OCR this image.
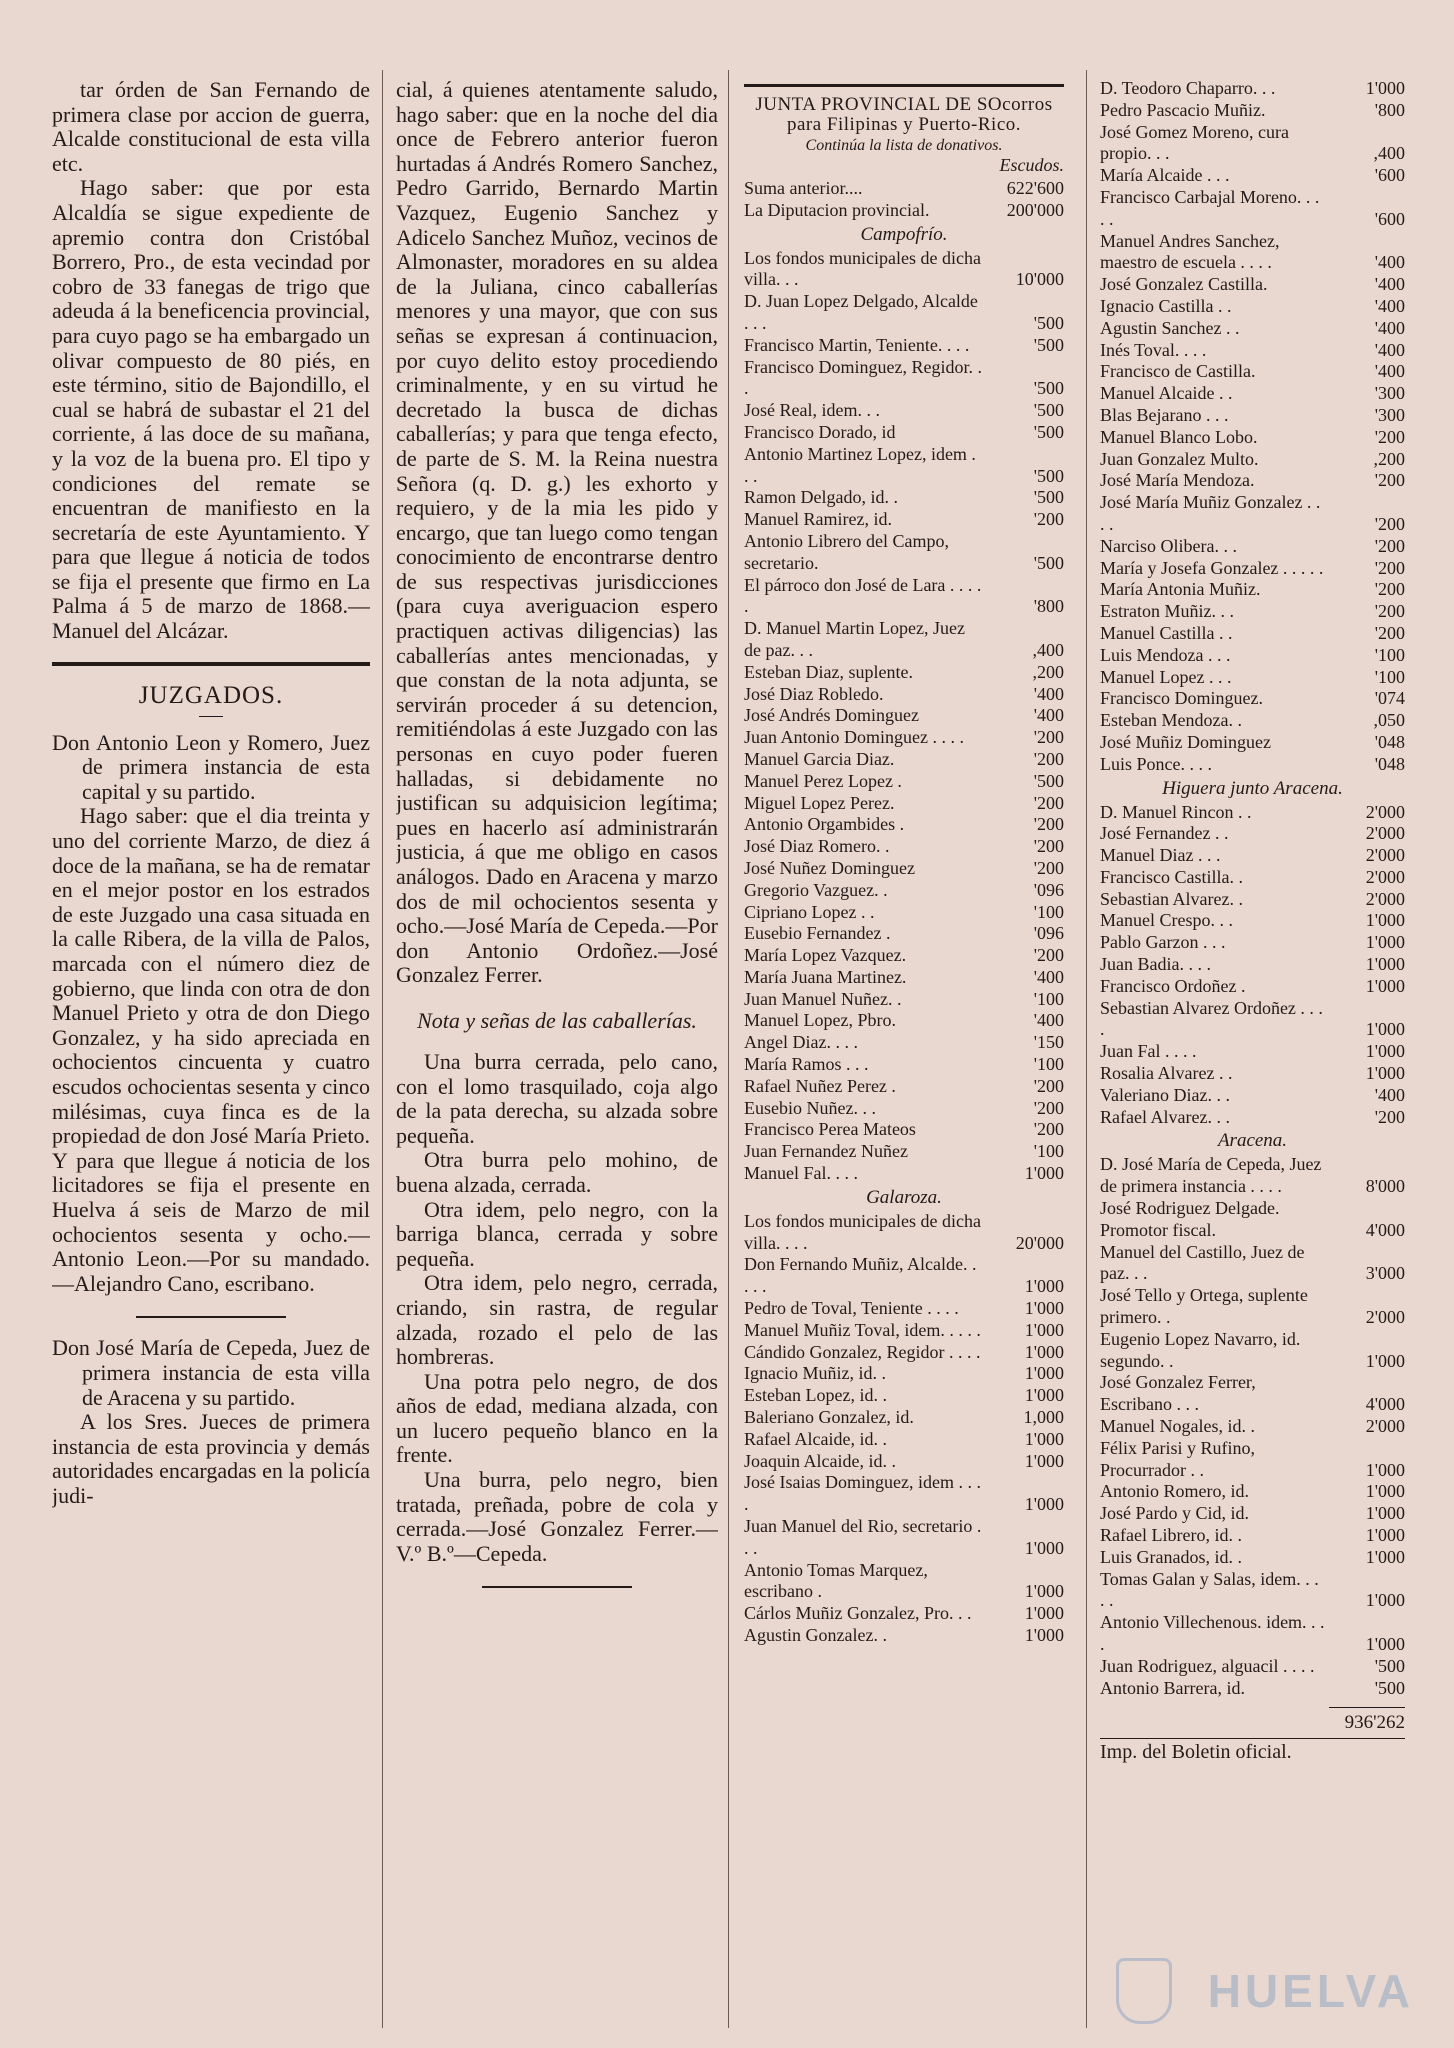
tar órden de San Fernando de primera clase por accion de guerra, Alcalde constitucional de esta villa etc.

Hago saber: que por esta Alcaldía se sigue expediente de apremio contra don Cristóbal Borrero, Pro., de esta vecindad por cobro de 33 fanegas de trigo que adeuda á la beneficencia provincial, para cuyo pago se ha embargado un olivar compuesto de 80 piés, en este término, sitio de Bajondillo, el cual se habrá de subastar el 21 del corriente, á las doce de su mañana, y la voz de la buena pro. El tipo y condiciones del remate se encuentran de manifiesto en la secretaría de este Ayuntamiento. Y para que llegue á noticia de todos se fija el presente que firmo en La Palma á 5 de marzo de 1868.—Manuel del Alcázar.

JUZGADOS.

Don Antonio Leon y Romero, Juez de primera instancia de esta capital y su partido.

Hago saber: que el dia treinta y uno del corriente Marzo, de diez á doce de la mañana, se ha de rematar en el mejor postor en los estrados de este Juzgado una casa situada en la calle Ribera, de la villa de Palos, marcada con el número diez de gobierno, que linda con otra de don Manuel Prieto y otra de don Diego Gonzalez, y ha sido apreciada en ochocientos cincuenta y cuatro escudos ochocientas sesenta y cinco milésimas, cuya finca es de la propiedad de don José María Prieto. Y para que llegue á noticia de los licitadores se fija el presente en Huelva á seis de Marzo de mil ochocientos sesenta y ocho.—Antonio Leon.—Por su mandado.—Alejandro Cano, escribano.

Don José María de Cepeda, Juez de primera instancia de esta villa de Aracena y su partido.

A los Sres. Jueces de primera instancia de esta provincia y demás autoridades encargadas en la policía judi-

cial, á quienes atentamente saludo, hago saber: que en la noche del dia once de Febrero anterior fueron hurtadas á Andrés Romero Sanchez, Pedro Garrido, Bernardo Martin Vazquez, Eugenio Sanchez y Adicelo Sanchez Muñoz, vecinos de Almonaster, moradores en su aldea de la Juliana, cinco caballerías menores y una mayor, que con sus señas se expresan á continuacion, por cuyo delito estoy procediendo criminalmente, y en su virtud he decretado la busca de dichas caballerías; y para que tenga efecto, de parte de S. M. la Reina nuestra Señora (q. D. g.) les exhorto y requiero, y de la mia les pido y encargo, que tan luego como tengan conocimiento de encontrarse dentro de sus respectivas jurisdicciones (para cuya averiguacion espero practiquen activas diligencias) las caballerías antes mencionadas, y que constan de la nota adjunta, se servirán proceder á su detencion, remitiéndolas á este Juzgado con las personas en cuyo poder fueren halladas, si debidamente no justifican su adquisicion legítima; pues en hacerlo así administrarán justicia, á que me obligo en casos análogos. Dado en Aracena y marzo dos de mil ochocientos sesenta y ocho.—José María de Cepeda.—Por don Antonio Ordoñez.—José Gonzalez Ferrer.

Nota y señas de las caballerías.

Una burra cerrada, pelo cano, con el lomo trasquilado, coja algo de la pata derecha, su alzada sobre pequeña.

Otra burra pelo mohino, de buena alzada, cerrada.

Otra idem, pelo negro, con la barriga blanca, cerrada y sobre pequeña.

Otra idem, pelo negro, cerrada, criando, sin rastra, de regular alzada, rozado el pelo de las hombreras.

Una potra pelo negro, de dos años de edad, mediana alzada, con un lucero pequeño blanco en la frente.

Una burra, pelo negro, bien tratada, preñada, pobre de cola y cerrada.—José Gonzalez Ferrer.—V.º B.º—Cepeda.

JUNTA PROVINCIAL DE SOcorros para Filipinas y Puerto-Rico.
Continúa la lista de donativos.
Escudos.
Suma anterior....	622'600
La Diputacion provincial.	200'000
Campofrío.
Los fondos municipales de dicha villa. . .	10'000
D. Juan Lopez Delgado, Alcalde . . .	'500
Francisco Martin, Teniente. . . .	'500
Francisco Dominguez, Regidor. . .	'500
José Real, idem. . .	'500
Francisco Dorado, id	'500
Antonio Martinez Lopez, idem . . .	'500
Ramon Delgado, id. .	'500
Manuel Ramirez, id.	'200
Antonio Librero del Campo, secretario.	'500
El párroco don José de Lara . . . . .	'800
D. Manuel Martin Lopez, Juez de paz. . .	,400
Esteban Diaz, suplente.	,200
José Diaz Robledo.	'400
José Andrés Dominguez	'400
Juan Antonio Dominguez . . . .	'200
Manuel Garcia Diaz.	'200
Manuel Perez Lopez .	'500
Miguel Lopez Perez.	'200
Antonio Orgambides .	'200
José Diaz Romero. .	'200
José Nuñez Dominguez	'200
Gregorio Vazguez. .	'096
Cipriano Lopez . .	'100
Eusebio Fernandez .	'096
María Lopez Vazquez.	'200
María Juana Martinez.	'400
Juan Manuel Nuñez. .	'100
Manuel Lopez, Pbro.	'400
Angel Diaz. . . .	'150
María Ramos . . .	'100
Rafael Nuñez Perez .	'200
Eusebio Nuñez. . .	'200
Francisco Perea Mateos	'200
Juan Fernandez Nuñez	'100
Manuel Fal. . . .	1'000
Galaroza.
Los fondos municipales de dicha villa. . . .	20'000
Don Fernando Muñiz, Alcalde. . . . .	1'000
Pedro de Toval, Teniente . . . .	1'000
Manuel Muñiz Toval, idem. . . . .	1'000
Cándido Gonzalez, Regidor . . . .	1'000
Ignacio Muñiz, id. .	1'000
Esteban Lopez, id. .	1'000
Baleriano Gonzalez, id.	1,000
Rafael Alcaide, id. .	1'000
Joaquin Alcaide, id. .	1'000
José Isaias Dominguez, idem . . . .	1'000
Juan Manuel del Rio, secretario . . .	1'000
Antonio Tomas Marquez, escribano .	1'000
Cárlos Muñiz Gonzalez, Pro. . .	1'000
Agustin Gonzalez. .	1'000
D. Teodoro Chaparro. . .	1'000
Pedro Pascacio Muñiz.	'800
José Gomez Moreno, cura propio. . .	,400
María Alcaide . . .	'600
Francisco Carbajal Moreno. . . . .	'600
Manuel Andres Sanchez, maestro de escuela . . . .	'400
José Gonzalez Castilla.	'400
Ignacio Castilla . .	'400
Agustin Sanchez . .	'400
Inés Toval. . . .	'400
Francisco de Castilla.	'400
Manuel Alcaide . .	'300
Blas Bejarano . . .	'300
Manuel Blanco Lobo.	'200
Juan Gonzalez Multo.	,200
José María Mendoza.	'200
José María Muñiz Gonzalez . . . .	'200
Narciso Olibera. . .	'200
María y Josefa Gonzalez . . . . .	'200
María Antonia Muñiz.	'200
Estraton Muñiz. . .	'200
Manuel Castilla . .	'200
Luis Mendoza . . .	'100
Manuel Lopez . . .	'100
Francisco Dominguez.	'074
Esteban Mendoza. .	,050
José Muñiz Dominguez	'048
Luis Ponce. . . .	'048
Higuera junto Aracena.
D. Manuel Rincon . .	2'000
José Fernandez . .	2'000
Manuel Diaz . . .	2'000
Francisco Castilla. .	2'000
Sebastian Alvarez. .	2'000
Manuel Crespo. . .	1'000
Pablo Garzon . . .	1'000
Juan Badia. . . .	1'000
Francisco Ordoñez .	1'000
Sebastian Alvarez Ordoñez . . . .	1'000
Juan Fal . . . .	1'000
Rosalia Alvarez . .	1'000
Valeriano Diaz. . .	'400
Rafael Alvarez. . .	'200
Aracena.
D. José María de Cepeda, Juez de primera instancia . . . .	8'000
José Rodriguez Delgade. Promotor fiscal.	4'000
Manuel del Castillo, Juez de paz. . .	3'000
José Tello y Ortega, suplente primero. .	2'000
Eugenio Lopez Navarro, id. segundo. .	1'000
José Gonzalez Ferrer, Escribano . . .	4'000
Manuel Nogales, id. .	2'000
Félix Parisi y Rufino, Procurrador . .	1'000
Antonio Romero, id.	1'000
José Pardo y Cid, id.	1'000
Rafael Librero, id. .	1'000
Luis Granados, id. .	1'000
Tomas Galan y Salas, idem. . . . .	1'000
Antonio Villechenous. idem. . . .	1'000
Juan Rodriguez, alguacil . . . .	'500
Antonio Barrera, id.	'500
936'262
Imp. del Boletin oficial.
HUELVA
